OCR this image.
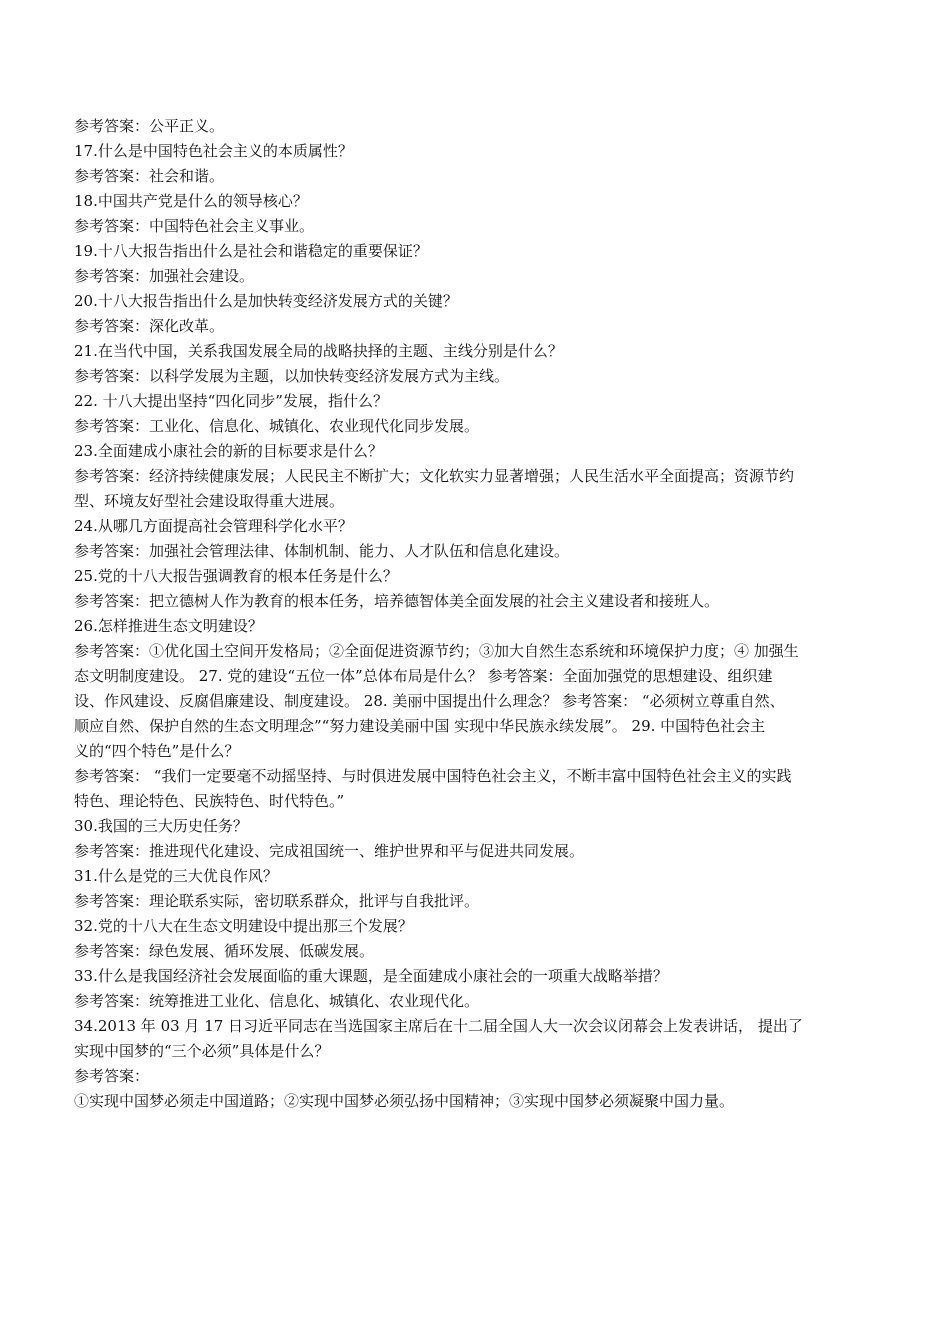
参考答案：公平正义。
17.什么是中国特色社会主义的本质属性？
参考答案：社会和谐。
18.中国共产党是什么的领导核心？
参考答案：中国特色社会主义事业。
19.十八大报告指出什么是社会和谐稳定的重要保证？
参考答案：加强社会建设。
20.十八大报告指出什么是加快转变经济发展方式的关键？
参考答案：深化改革。
21.在当代中国，关系我国发展全局的战略抉择的主题、主线分别是什么？
参考答案：以科学发展为主题，以加快转变经济发展方式为主线。
22. 十八大提出坚持“四化同步”发展，指什么？
参考答案：工业化、信息化、城镇化、农业现代化同步发展。
23.全面建成小康社会的新的目标要求是什么？
参考答案：经济持续健康发展；人民民主不断扩大；文化软实力显著增强；人民生活水平全面提高；资源节约
型、环境友好型社会建设取得重大进展。
24.从哪几方面提高社会管理科学化水平？
参考答案：加强社会管理法律、体制机制、能力、人才队伍和信息化建设。
25.党的十八大报告强调教育的根本任务是什么？
参考答案：把立德树人作为教育的根本任务，培养德智体美全面发展的社会主义建设者和接班人。
26.怎样推进生态文明建设？
参考答案：①优化国土空间开发格局；②全面促进资源节约；③加大自然生态系统和环境保护力度；④ 加强生
态文明制度建设。 27. 党的建设“五位一体”总体布局是什么？ 参考答案：全面加强党的思想建设、组织建
设、作风建设、反腐倡廉建设、制度建设。 28. 美丽中国提出什么理念？ 参考答案： “必须树立尊重自然、
顺应自然、保护自然的生态文明理念”“努力建设美丽中国 实现中华民族永续发展”。 29. 中国特色社会主
义的“四个特色”是什么？
参考答案： “我们一定要毫不动摇坚持、与时俱进发展中国特色社会主义，不断丰富中国特色社会主义的实践
特色、理论特色、民族特色、时代特色。”
30.我国的三大历史任务？
参考答案：推进现代化建设、完成祖国统一、维护世界和平与促进共同发展。
31.什么是党的三大优良作风？
参考答案：理论联系实际，密切联系群众，批评与自我批评。
32.党的十八大在生态文明建设中提出那三个发展？
参考答案：绿色发展、循环发展、低碳发展。
33.什么是我国经济社会发展面临的重大课题，是全面建成小康社会的一项重大战略举措？
参考答案：统筹推进工业化、信息化、城镇化、农业现代化。
34.2013 年 03 月 17 日习近平同志在当选国家主席后在十二届全国人大一次会议闭幕会上发表讲话， 提出了
实现中国梦的“三个必须”具体是什么？
参考答案：
①实现中国梦必须走中国道路；②实现中国梦必须弘扬中国精神；③实现中国梦必须凝聚中国力量。
